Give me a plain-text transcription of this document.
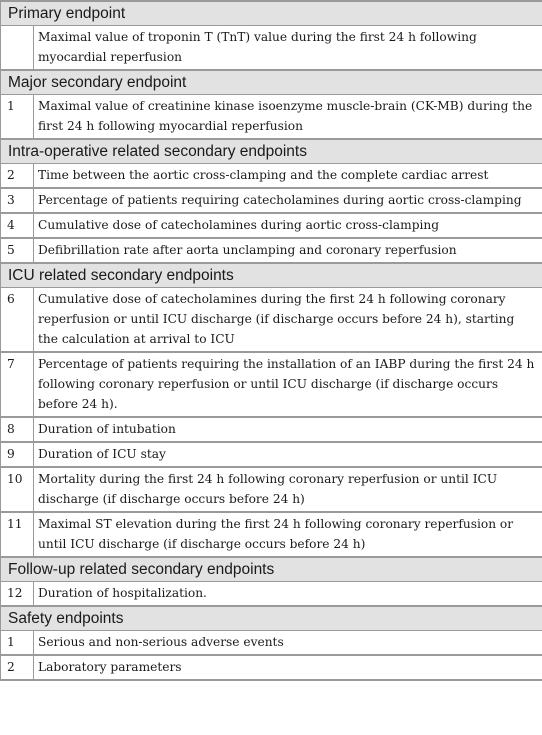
Primary endpoint	
	Maximal value of troponin T (TnT) value during the first 24 h following myocardial reperfusion
Major secondary endpoint	
1	Maximal value of creatinine kinase isoenzyme muscle-brain (CK-MB) during the first 24 h following myocardial reperfusion
Intra-operative related secondary endpoints	
2	Time between the aortic cross-clamping and the complete cardiac arrest
3	Percentage of patients requiring catecholamines during aortic cross-clamping
4	Cumulative dose of catecholamines during aortic cross-clamping
5	Defibrillation rate after aorta unclamping and coronary reperfusion
ICU related secondary endpoints	
6	Cumulative dose of catecholamines during the first 24 h following coronary reperfusion or until ICU discharge (if discharge occurs before 24 h), starting the calculation at arrival to ICU
7	Percentage of patients requiring the installation of an IABP during the first 24 h following coronary reperfusion or until ICU discharge (if discharge occurs before 24 h).
8	Duration of intubation
9	Duration of ICU stay
10	Mortality during the first 24 h following coronary reperfusion or until ICU discharge (if discharge occurs before 24 h)
11	Maximal ST elevation during the first 24 h following coronary reperfusion or until ICU discharge (if discharge occurs before 24 h)
Follow-up related secondary endpoints	
12	Duration of hospitalization.
Safety endpoints	
1	Serious and non-serious adverse events
2	Laboratory parameters
